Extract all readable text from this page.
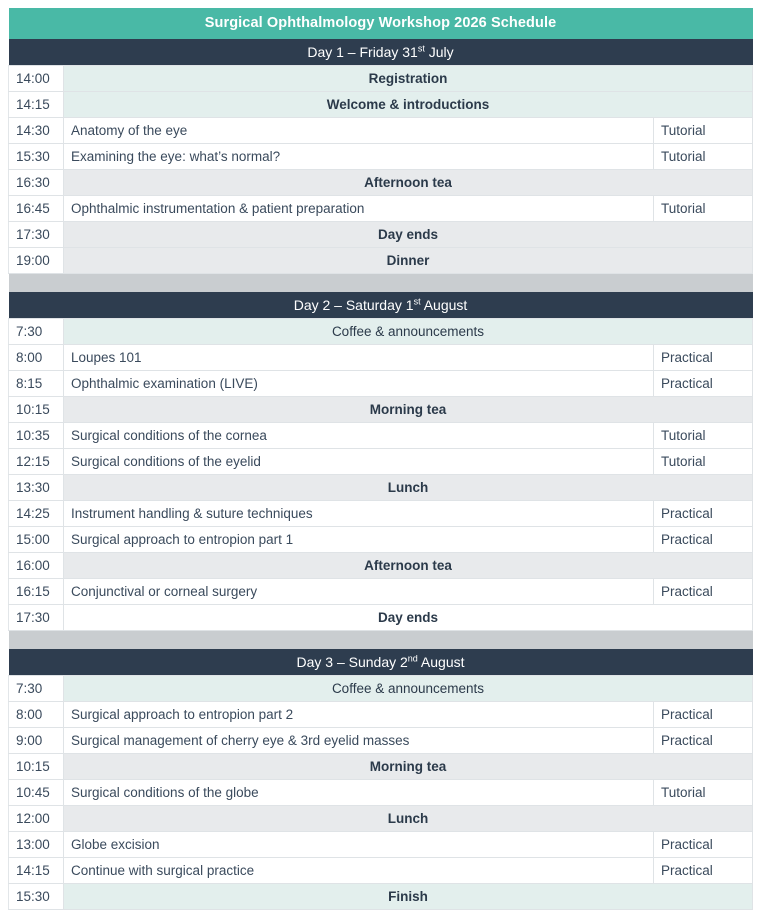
Surgical Ophthalmology Workshop 2026 Schedule		
Day 1 – Friday 31st July		
14:00	Registration	
14:15	Welcome & introductions	
14:30	Anatomy of the eye	Tutorial
15:30	Examining the eye: what’s normal?	Tutorial
16:30	Afternoon tea	
16:45	Ophthalmic instrumentation & patient preparation	Tutorial
17:30	Day ends	
19:00	Dinner	

Day 2 – Saturday 1st August		
7:30	Coffee & announcements	
8:00	Loupes 101	Practical
8:15	Ophthalmic examination (LIVE)	Practical
10:15	Morning tea	
10:35	Surgical conditions of the cornea	Tutorial
12:15	Surgical conditions of the eyelid	Tutorial
13:30	Lunch	
14:25	Instrument handling & suture techniques	Practical
15:00	Surgical approach to entropion part 1	Practical
16:00	Afternoon tea	
16:15	Conjunctival or corneal surgery	Practical
17:30	Day ends	

Day 3 – Sunday 2nd August		
7:30	Coffee & announcements	
8:00	Surgical approach to entropion part 2	Practical
9:00	Surgical management of cherry eye & 3rd eyelid masses	Practical
10:15	Morning tea	
10:45	Surgical conditions of the globe	Tutorial
12:00	Lunch	
13:00	Globe excision	Practical
14:15	Continue with surgical practice	Practical
15:30	Finish	
